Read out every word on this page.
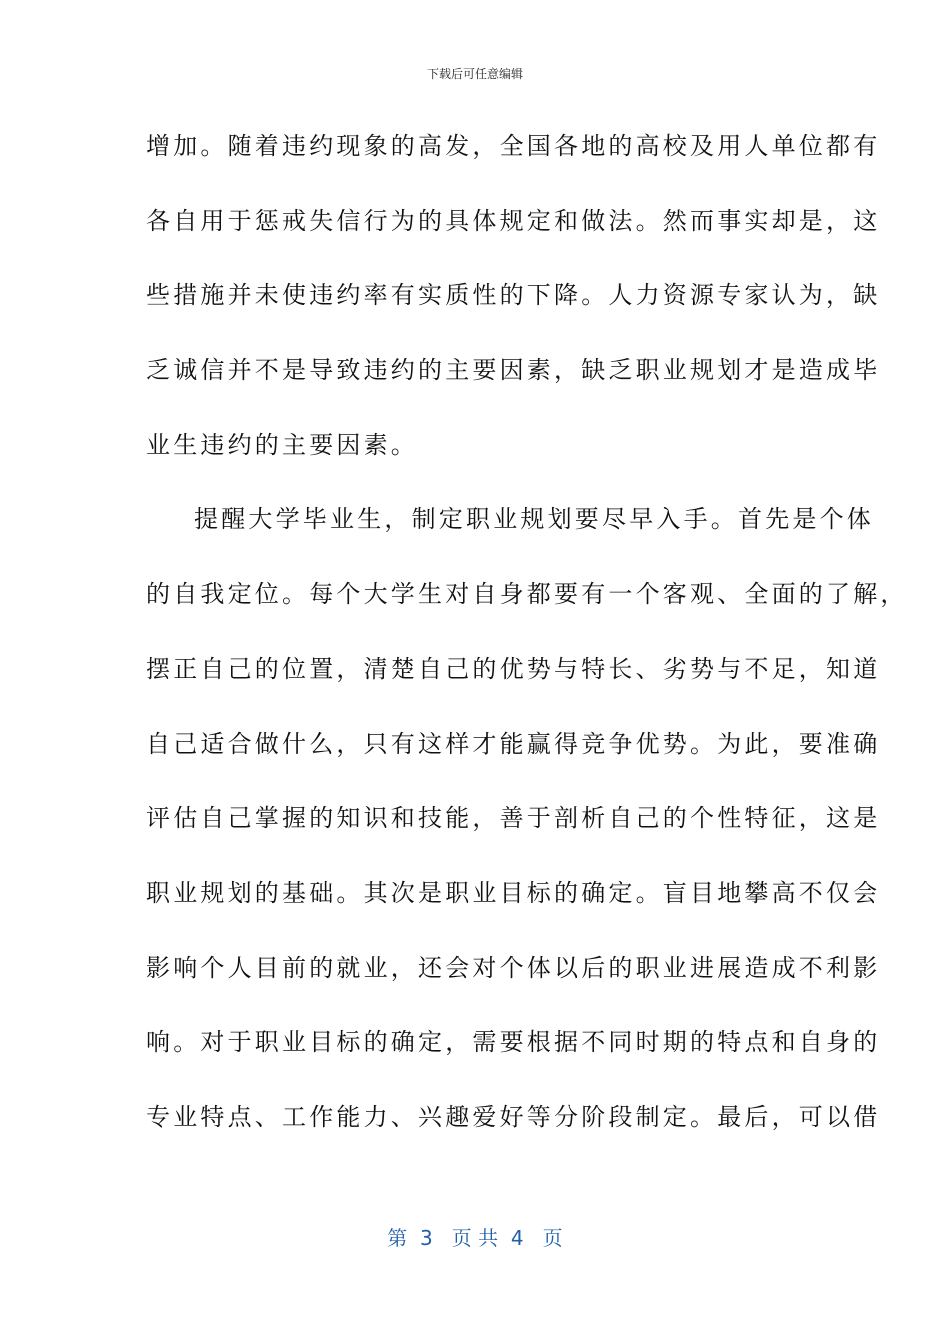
下载后可任意编辑
增加。随着违约现象的高发，全国各地的高校及用人单位都有
各自用于惩戒失信行为的具体规定和做法。然而事实却是，这
些措施并未使违约率有实质性的下降。人力资源专家认为，缺
乏诚信并不是导致违约的主要因素，缺乏职业规划才是造成毕
业生违约的主要因素。
提醒大学毕业生，制定职业规划要尽早入手。首先是个体
的自我定位。每个大学生对自身都要有一个客观、全面的了解，
摆正自己的位置，清楚自己的优势与特长、劣势与不足，知道
自己适合做什么，只有这样才能赢得竞争优势。为此，要准确
评估自己掌握的知识和技能，善于剖析自己的个性特征，这是
职业规划的基础。其次是职业目标的确定。盲目地攀高不仅会
影响个人目前的就业，还会对个体以后的职业进展造成不利影
响。对于职业目标的确定，需要根据不同时期的特点和自身的
专业特点、工作能力、兴趣爱好等分阶段制定。最后，可以借
第  3   页 共  4   页
